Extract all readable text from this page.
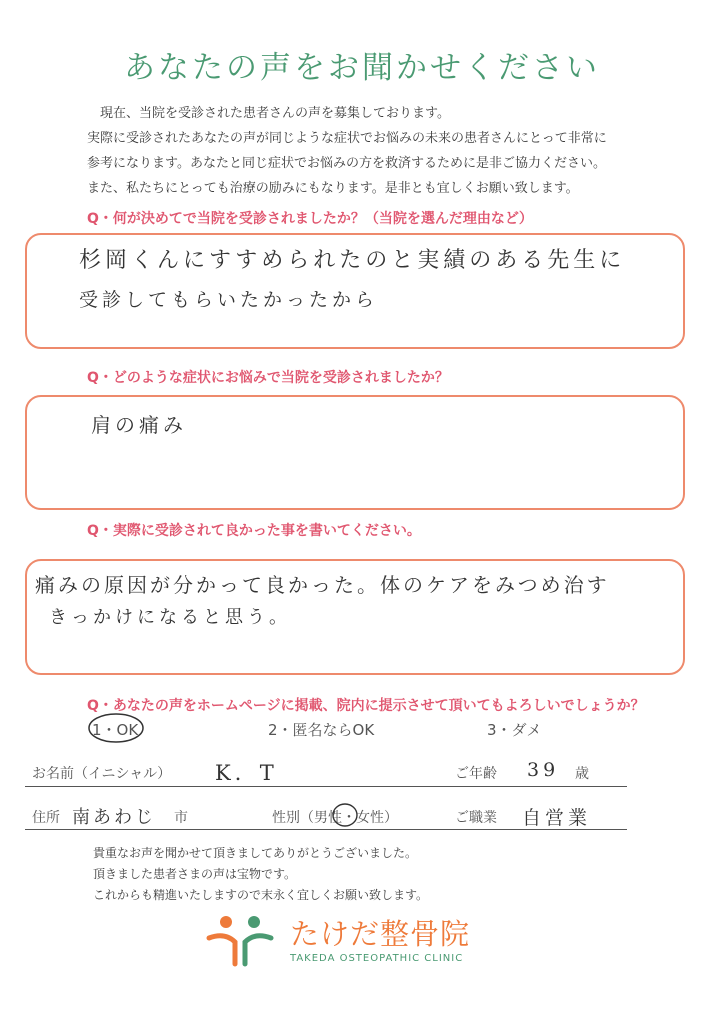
あなたの声をお聞かせください
　現在、当院を受診された患者さんの声を募集しております。
実際に受診されたあなたの声が同じような症状でお悩みの未来の患者さんにとって非常に
参考になります。あなたと同じ症状でお悩みの方を救済するために是非ご協力ください。
また、私たちにとっても治療の励みにもなります。是非とも宜しくお願い致します。
Q・何が決めてで当院を受診されましたか？（当院を選んだ理由など）
杉岡くんにすすめられたのと実績のある先生に
受診してもらいたかったから
Q・どのような症状にお悩みで当院を受診されましたか？
肩の痛み
Q・実際に受診されて良かった事を書いてください。
痛みの原因が分かって良かった。体のケアをみつめ治す
きっかけになると思う。
Q・あなたの声をホームページに掲載、院内に提示させて頂いてもよろしいでしょうか？
1・OK	2・匿名ならOK	3・ダメ
お名前（イニシャル） K．T	ご年齢 39 歳
住所 南あわじ 市	性別（男性・女性）	ご職業 自営業
貴重なお声を聞かせて頂きましてありがとうございました。
頂きました患者さまの声は宝物です。
これからも精進いたしますので末永く宜しくお願い致します。
たけだ整骨院
TAKEDA OSTEOPATHIC CLINIC
